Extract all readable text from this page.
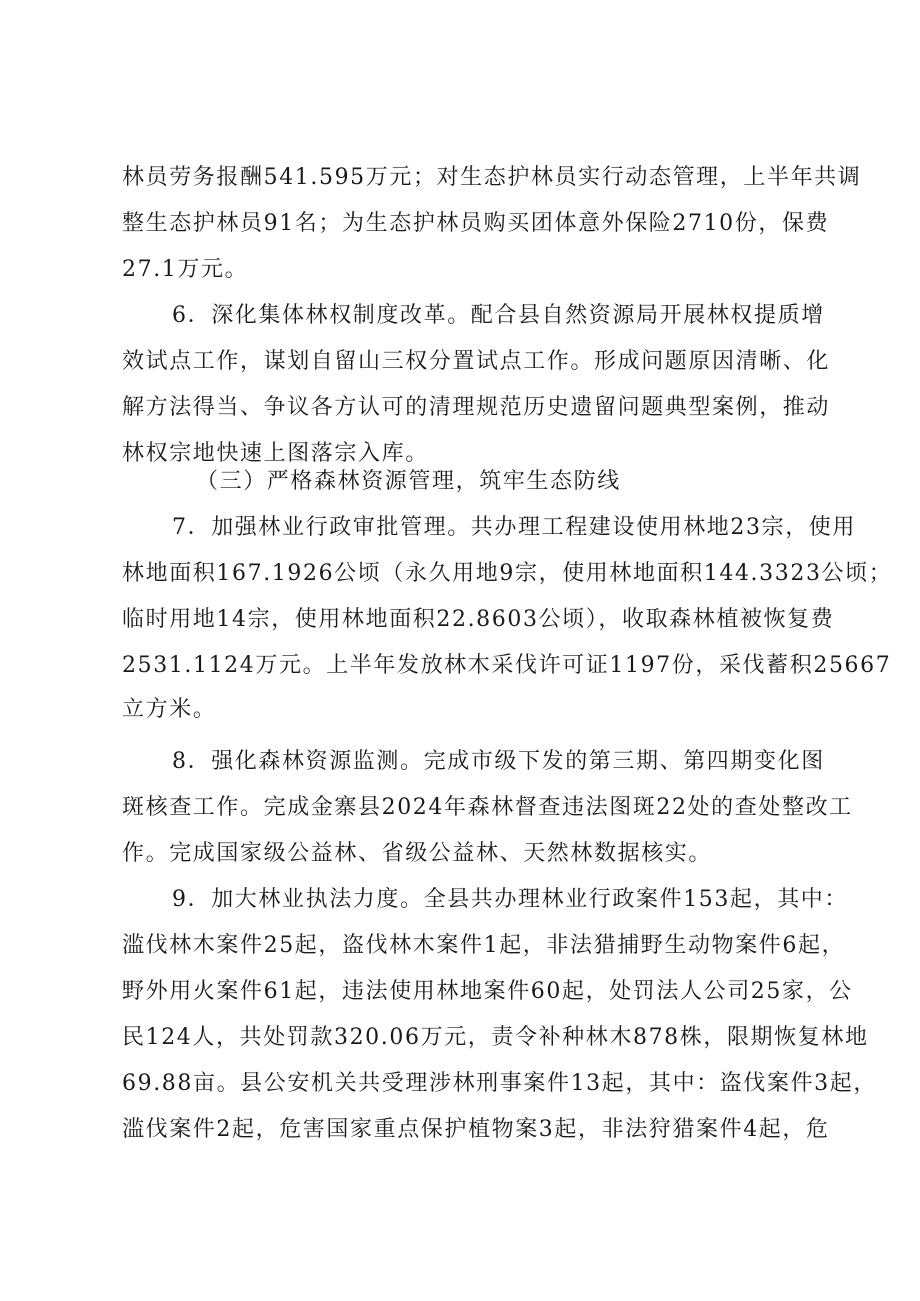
林员劳务报酬541.595万元；对生态护林员实行动态管理，上半年共调
整生态护林员91名；为生态护林员购买团体意外保险2710份，保费
27.1万元。
6．深化集体林权制度改革。配合县自然资源局开展林权提质增
效试点工作，谋划自留山三权分置试点工作。形成问题原因清晰、化
解方法得当、争议各方认可的清理规范历史遗留问题典型案例，推动
林权宗地快速上图落宗入库。
（三）严格森林资源管理，筑牢生态防线
7．加强林业行政审批管理。共办理工程建设使用林地23宗，使用
林地面积167.1926公顷（永久用地9宗，使用林地面积144.3323公顷；
临时用地14宗，使用林地面积22.8603公顷），收取森林植被恢复费
2531.1124万元。上半年发放林木采伐许可证1197份，采伐蓄积25667
立方米。
8．强化森林资源监测。完成市级下发的第三期、第四期变化图
斑核查工作。完成金寨县2024年森林督查违法图斑22处的查处整改工
作。完成国家级公益林、省级公益林、天然林数据核实。
9．加大林业执法力度。全县共办理林业行政案件153起，其中：
滥伐林木案件25起，盗伐林木案件1起，非法猎捕野生动物案件6起，
野外用火案件61起，违法使用林地案件60起，处罚法人公司25家，公
民124人，共处罚款320.06万元，责令补种林木878株，限期恢复林地
69.88亩。县公安机关共受理涉林刑事案件13起，其中：盗伐案件3起，
滥伐案件2起，危害国家重点保护植物案3起，非法狩猎案件4起，危
